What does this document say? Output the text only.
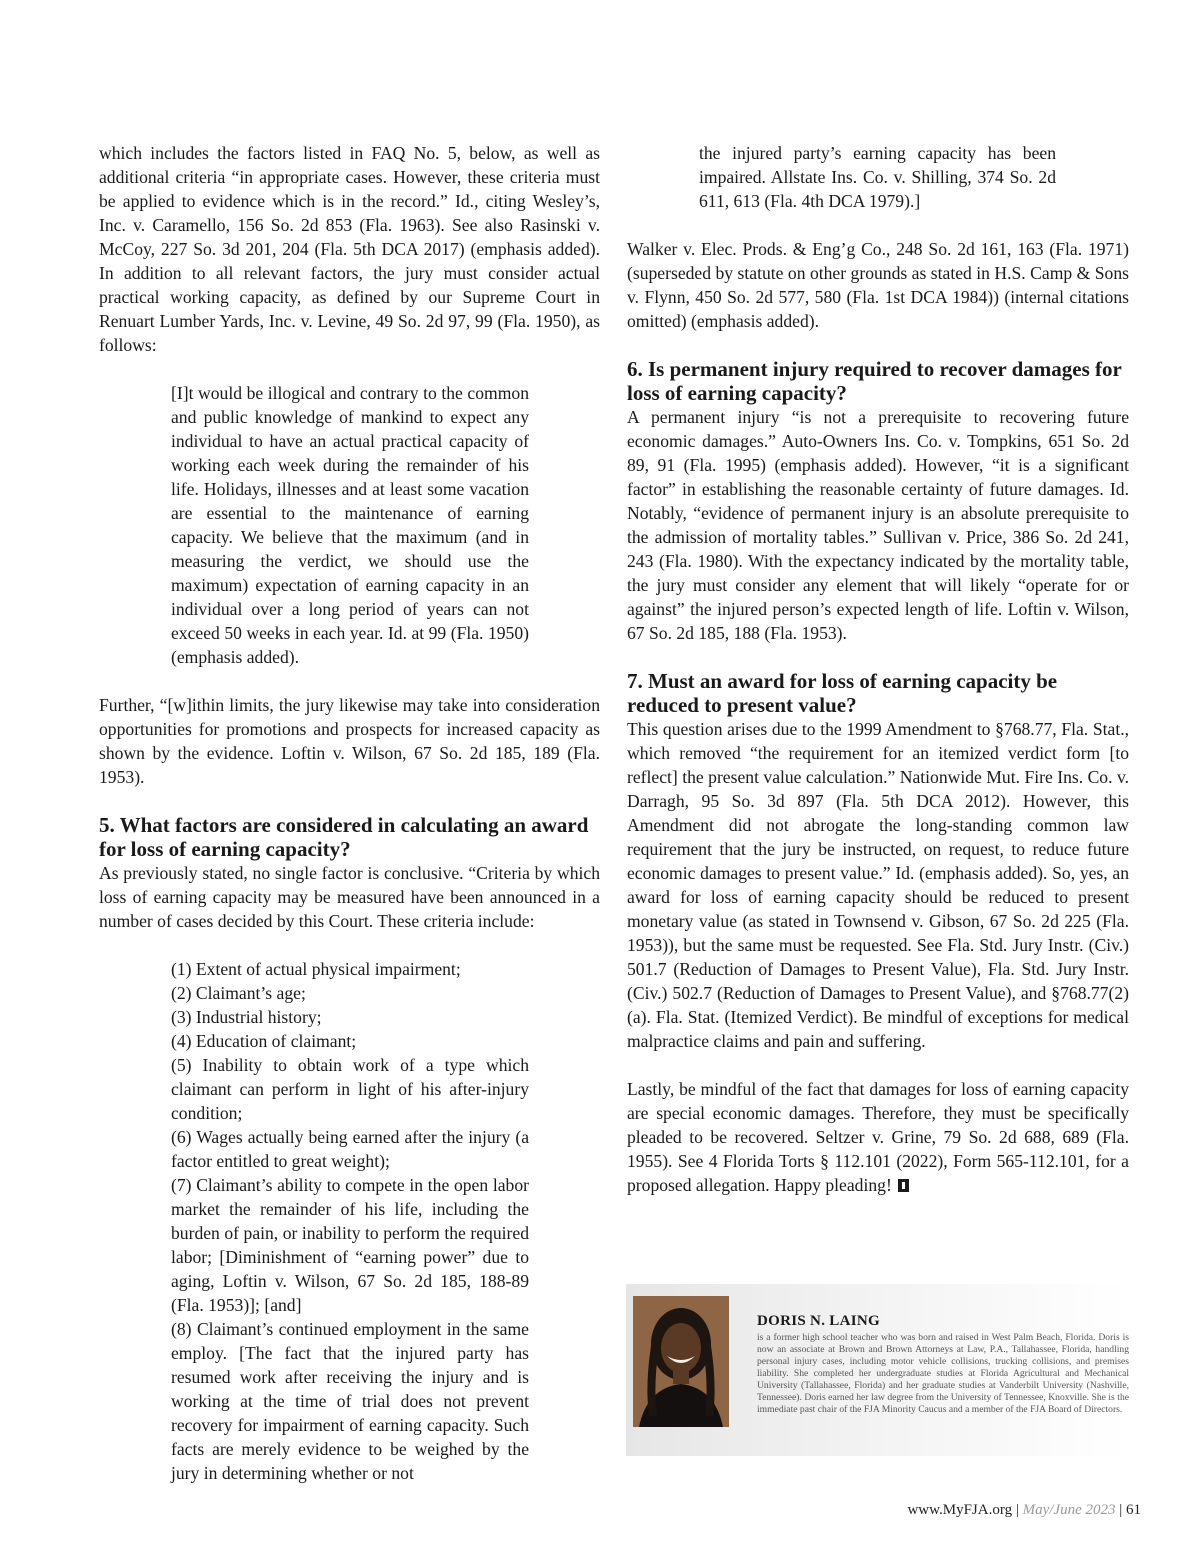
which includes the factors listed in FAQ No. 5, below, as well as additional criteria “in appropriate cases. However, these criteria must be applied to evidence which is in the record.” Id., citing Wesley’s, Inc. v. Caramello, 156 So. 2d 853 (Fla. 1963). See also Rasinski v. McCoy, 227 So. 3d 201, 204 (Fla. 5th DCA 2017) (emphasis added). In addition to all relevant factors, the jury must consider actual practical working capacity, as defined by our Supreme Court in Renuart Lumber Yards, Inc. v. Levine, 49 So. 2d 97, 99 (Fla. 1950), as follows:

[I]t would be illogical and contrary to the common and public knowledge of mankind to expect any individual to have an actual practical capacity of working each week during the remainder of his life. Holidays, illnesses and at least some vacation are essential to the maintenance of earning capacity. We believe that the maximum (and in measuring the verdict, we should use the maximum) expectation of earning capacity in an individual over a long period of years can not exceed 50 weeks in each year. Id. at 99 (Fla. 1950) (emphasis added).

Further, “[w]ithin limits, the jury likewise may take into consideration opportunities for promotions and prospects for increased capacity as shown by the evidence. Loftin v. Wilson, 67 So. 2d 185, 189 (Fla. 1953).

5. What factors are considered in calculating an award for loss of earning capacity?

As previously stated, no single factor is conclusive. “Criteria by which loss of earning capacity may be measured have been announced in a number of cases decided by this Court. These criteria include:

(1) Extent of actual physical impairment;
(2) Claimant’s age;
(3) Industrial history;
(4) Education of claimant;
(5) Inability to obtain work of a type which claimant can perform in light of his after-injury condition;
(6) Wages actually being earned after the injury (a factor entitled to great weight);
(7) Claimant’s ability to compete in the open labor market the remainder of his life, including the burden of pain, or inability to perform the required labor; [Diminishment of “earning power” due to aging, Loftin v. Wilson, 67 So. 2d 185, 188-89 (Fla. 1953)]; [and]
(8) Claimant’s continued employment in the same employ. [The fact that the injured party has resumed work after receiving the injury and is working at the time of trial does not prevent recovery for impairment of earning capacity. Such facts are merely evidence to be weighed by the jury in determining whether or not

the injured party’s earning capacity has been impaired. Allstate Ins. Co. v. Shilling, 374 So. 2d 611, 613 (Fla. 4th DCA 1979).]

Walker v. Elec. Prods. & Eng’g Co., 248 So. 2d 161, 163 (Fla. 1971) (superseded by statute on other grounds as stated in H.S. Camp & Sons v. Flynn, 450 So. 2d 577, 580 (Fla. 1st DCA 1984)) (internal citations omitted) (emphasis added).

6. Is permanent injury required to recover damages for loss of earning capacity?

A permanent injury “is not a prerequisite to recovering future economic damages.” Auto-Owners Ins. Co. v. Tompkins, 651 So. 2d 89, 91 (Fla. 1995) (emphasis added). However, “it is a significant factor” in establishing the reasonable certainty of future damages. Id. Notably, “evidence of permanent injury is an absolute prerequisite to the admission of mortality tables.” Sullivan v. Price, 386 So. 2d 241, 243 (Fla. 1980). With the expectancy indicated by the mortality table, the jury must consider any element that will likely “operate for or against” the injured person’s expected length of life. Loftin v. Wilson, 67 So. 2d 185, 188 (Fla. 1953).

7. Must an award for loss of earning capacity be reduced to present value?

This question arises due to the 1999 Amendment to §768.77, Fla. Stat., which removed “the requirement for an itemized verdict form [to reflect] the present value calculation.” Nationwide Mut. Fire Ins. Co. v. Darragh, 95 So. 3d 897 (Fla. 5th DCA 2012). However, this Amendment did not abrogate the long-standing common law requirement that the jury be instructed, on request, to reduce future economic damages to present value.” Id. (emphasis added). So, yes, an award for loss of earning capacity should be reduced to present monetary value (as stated in Townsend v. Gibson, 67 So. 2d 225 (Fla. 1953)), but the same must be requested. See Fla. Std. Jury Instr. (Civ.) 501.7 (Reduction of Damages to Present Value), Fla. Std. Jury Instr. (Civ.) 502.7 (Reduction of Damages to Present Value), and §768.77(2)(a). Fla. Stat. (Itemized Verdict). Be mindful of exceptions for medical malpractice claims and pain and suffering.

Lastly, be mindful of the fact that damages for loss of earning capacity are special economic damages. Therefore, they must be specifically pleaded to be recovered. Seltzer v. Grine, 79 So. 2d 688, 689 (Fla. 1955). See 4 Florida Torts § 112.101 (2022), Form 565-112.101, for a proposed allegation. Happy pleading!

DORIS N. LAING
is a former high school teacher who was born and raised in West Palm Beach, Florida. Doris is now an associate at Brown and Brown Attorneys at Law, P.A., Tallahassee, Florida, handling personal injury cases, including motor vehicle collisions, trucking collisions, and premises liability. She completed her undergraduate studies at Florida Agricultural and Mechanical University (Tallahassee, Florida) and her graduate studies at Vanderbilt University (Nashville, Tennessee). Doris earned her law degree from the University of Tennessee, Knoxville. She is the immediate past chair of the FJA Minority Caucus and a member of the FJA Board of Directors.
www.MyFJA.org | May/June 2023 | 61
